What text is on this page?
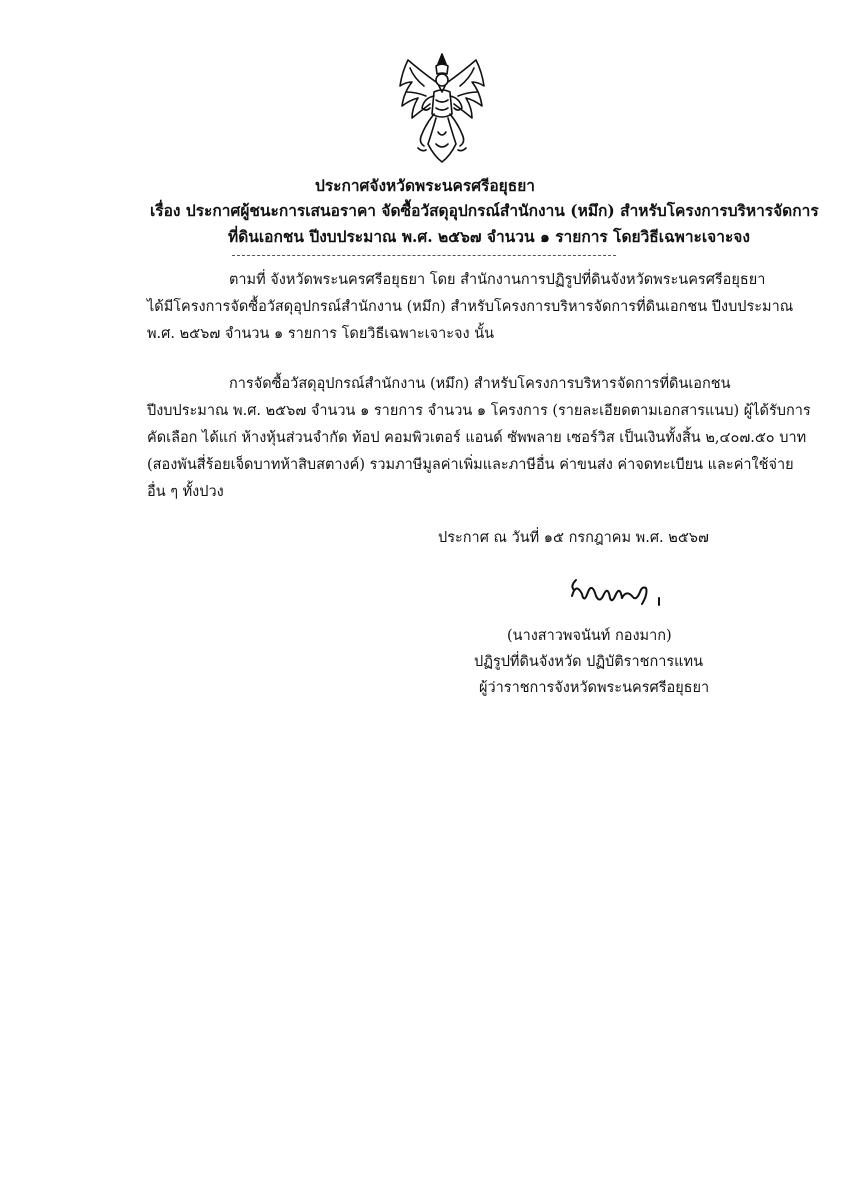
ประกาศจังหวัดพระนครศรีอยุธยา
เรื่อง ประกาศผู้ชนะการเสนอราคา จัดซื้อวัสดุอุปกรณ์สำนักงาน (หมึก) สำหรับโครงการบริหารจัดการ
ที่ดินเอกชน ปีงบประมาณ พ.ศ. ๒๕๖๗ จำนวน ๑ รายการ โดยวิธีเฉพาะเจาะจง
ตามที่ จังหวัดพระนครศรีอยุธยา โดย สำนักงานการปฏิรูปที่ดินจังหวัดพระนครศรีอยุธยา
ได้มีโครงการจัดซื้อวัสดุอุปกรณ์สำนักงาน (หมึก) สำหรับโครงการบริหารจัดการที่ดินเอกชน ปีงบประมาณ
พ.ศ. ๒๕๖๗ จำนวน ๑ รายการ โดยวิธีเฉพาะเจาะจง นั้น
การจัดซื้อวัสดุอุปกรณ์สำนักงาน (หมึก) สำหรับโครงการบริหารจัดการที่ดินเอกชน
ปีงบประมาณ พ.ศ. ๒๕๖๗ จำนวน ๑ รายการ จำนวน ๑ โครงการ (รายละเอียดตามเอกสารแนบ) ผู้ได้รับการ
คัดเลือก ได้แก่ ห้างหุ้นส่วนจำกัด ท้อป คอมพิวเตอร์ แอนด์ ซัพพลาย เซอร์วิส เป็นเงินทั้งสิ้น ๒,๔๐๗.๕๐ บาท
(สองพันสี่ร้อยเจ็ดบาทห้าสิบสตางค์) รวมภาษีมูลค่าเพิ่มและภาษีอื่น ค่าขนส่ง ค่าจดทะเบียน และค่าใช้จ่าย
อื่น ๆ ทั้งปวง
ประกาศ ณ วันที่ ๑๕ กรกฎาคม พ.ศ. ๒๕๖๗
(นางสาวพจนันท์ กองมาก)
ปฏิรูปที่ดินจังหวัด ปฏิบัติราชการแทน
ผู้ว่าราชการจังหวัดพระนครศรีอยุธยา
